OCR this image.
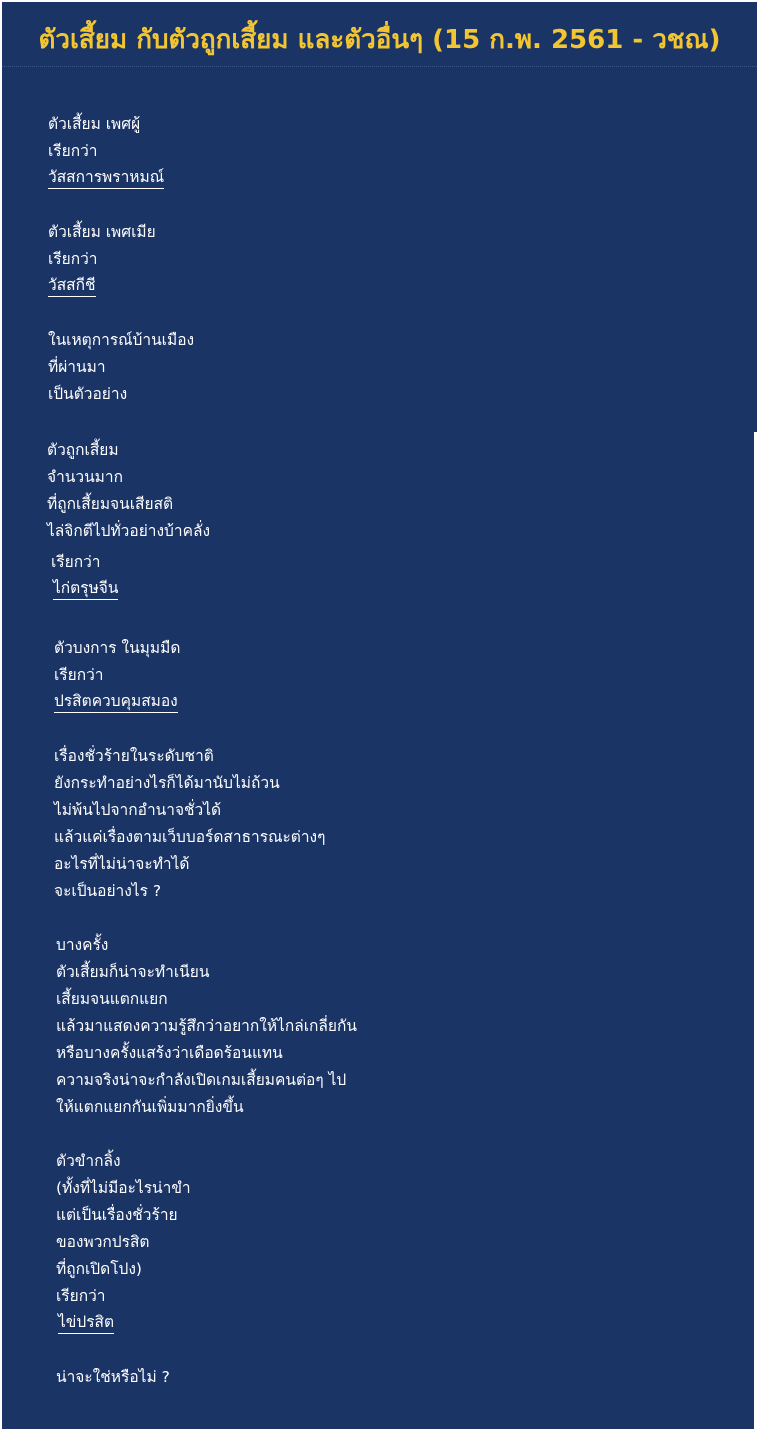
ตัวเสี้ยม กับตัวถูกเสี้ยม และตัวอื่นๆ (15 ก.พ. 2561 - วชณ)
ตัวเสี้ยม เพศผู้
เรียกว่า
วัสสการพราหมณ์
ตัวเสี้ยม เพศเมีย
เรียกว่า
วัสสกีชี
ในเหตุการณ์บ้านเมือง
ที่ผ่านมา
เป็นตัวอย่าง
ตัวถูกเสี้ยม
จำนวนมาก
ที่ถูกเสี้ยมจนเสียสติ
ไล่จิกตีไปทั่วอย่างบ้าคลั่ง
เรียกว่า
ไก่ตรุษจีน
ตัวบงการ ในมุมมืด
เรียกว่า
ปรสิตควบคุมสมอง
เรื่องชั่วร้ายในระดับชาติ
ยังกระทำอย่างไรก็ได้มานับไม่ถ้วน
ไม่พ้นไปจากอำนาจชั่วได้
แล้วแค่เรื่องตามเว็บบอร์ดสาธารณะต่างๆ
อะไรที่ไม่น่าจะทำได้
จะเป็นอย่างไร ?
บางครั้ง
ตัวเสี้ยมก็น่าจะทำเนียน
เสี้ยมจนแตกแยก
แล้วมาแสดงความรู้สึกว่าอยากให้ไกล่เกลี่ยกัน
หรือบางครั้งแสร้งว่าเดือดร้อนแทน
ความจริงน่าจะกำลังเปิดเกมเสี้ยมคนต่อๆ ไป
ให้แตกแยกกันเพิ่มมากยิ่งขึ้น
ตัวขำกลิ้ง
(ทั้งที่ไม่มีอะไรน่าขำ
แต่เป็นเรื่องชั่วร้าย
ของพวกปรสิต
ที่ถูกเปิดโปง)
เรียกว่า
ไข่ปรสิต
น่าจะใช่หรือไม่ ?
